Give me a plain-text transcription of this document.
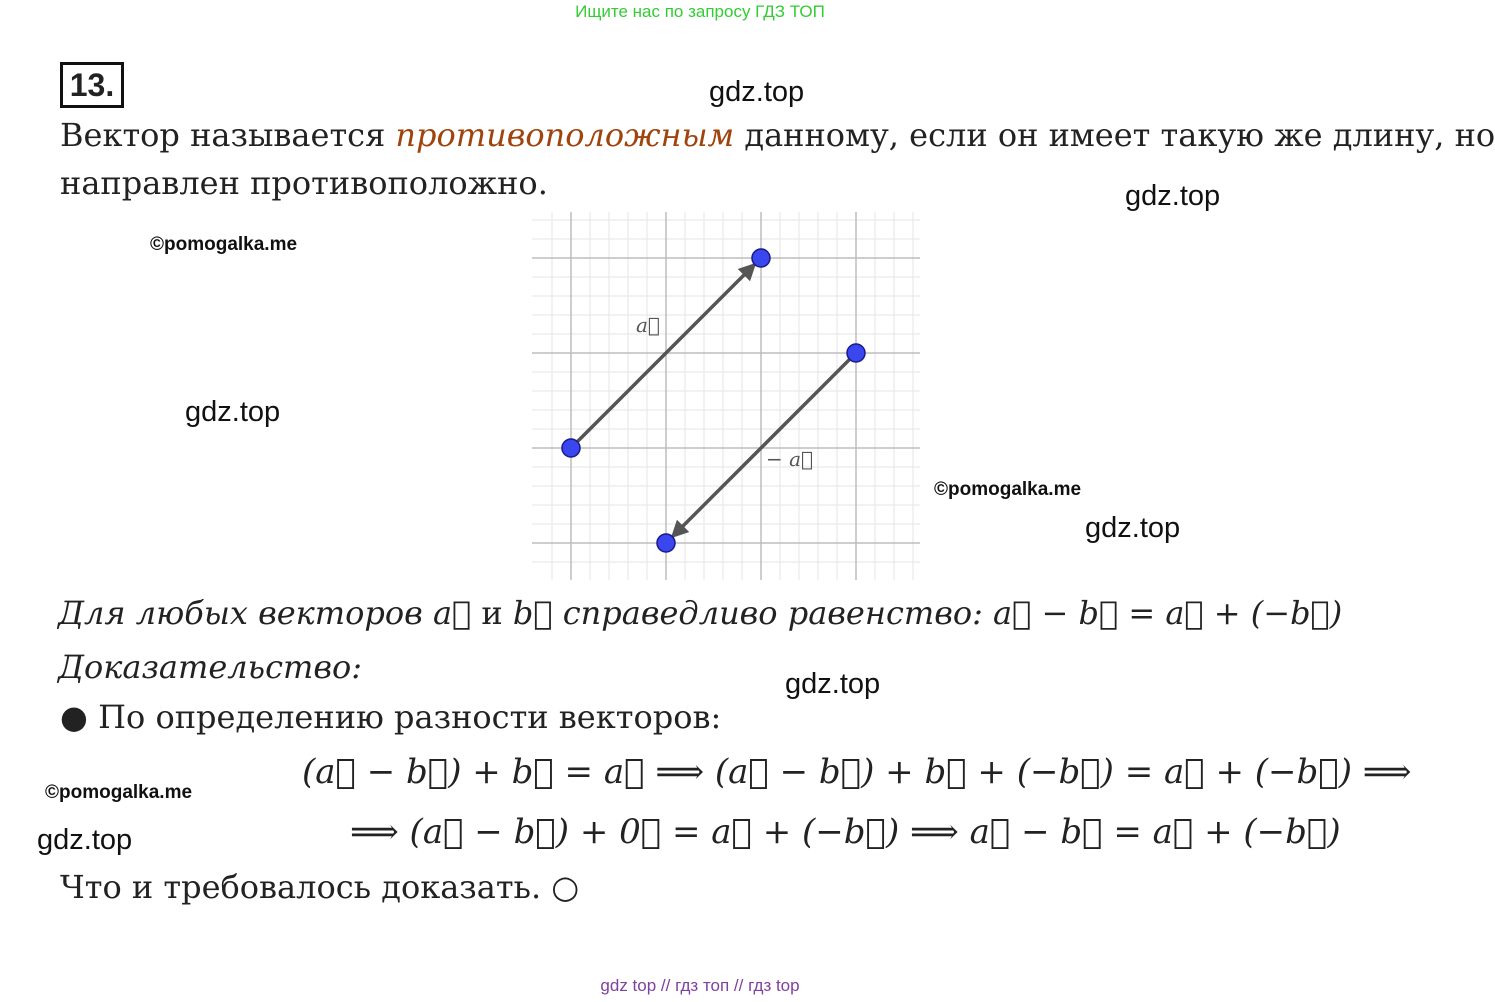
Ищите нас по запросу ГДЗ ТОП
13.	gdz.top
gdz.top
gdz.top
gdz.top
gdz.top
gdz.top
©pomogalka.me
©pomogalka.me
©pomogalka.me
Вектор называется противоположным данному, если он имеет такую же длину, но
направлен противоположно.
a⃗
− a⃗
Для любых векторов a⃗ и b⃗ справедливо равенство: a⃗ − b⃗ = a⃗ + (−b⃗)
Доказательство:
● По определению разности векторов:
(a⃗ − b⃗) + b⃗ = a⃗ ⟹ (a⃗ − b⃗) + b⃗ + (−b⃗) = a⃗ + (−b⃗) ⟹
⟹ (a⃗ − b⃗) + 0⃗ = a⃗ + (−b⃗) ⟹ a⃗ − b⃗ = a⃗ + (−b⃗)
Что и требовалось доказать. ○
gdz top // гдз топ // гдз top
